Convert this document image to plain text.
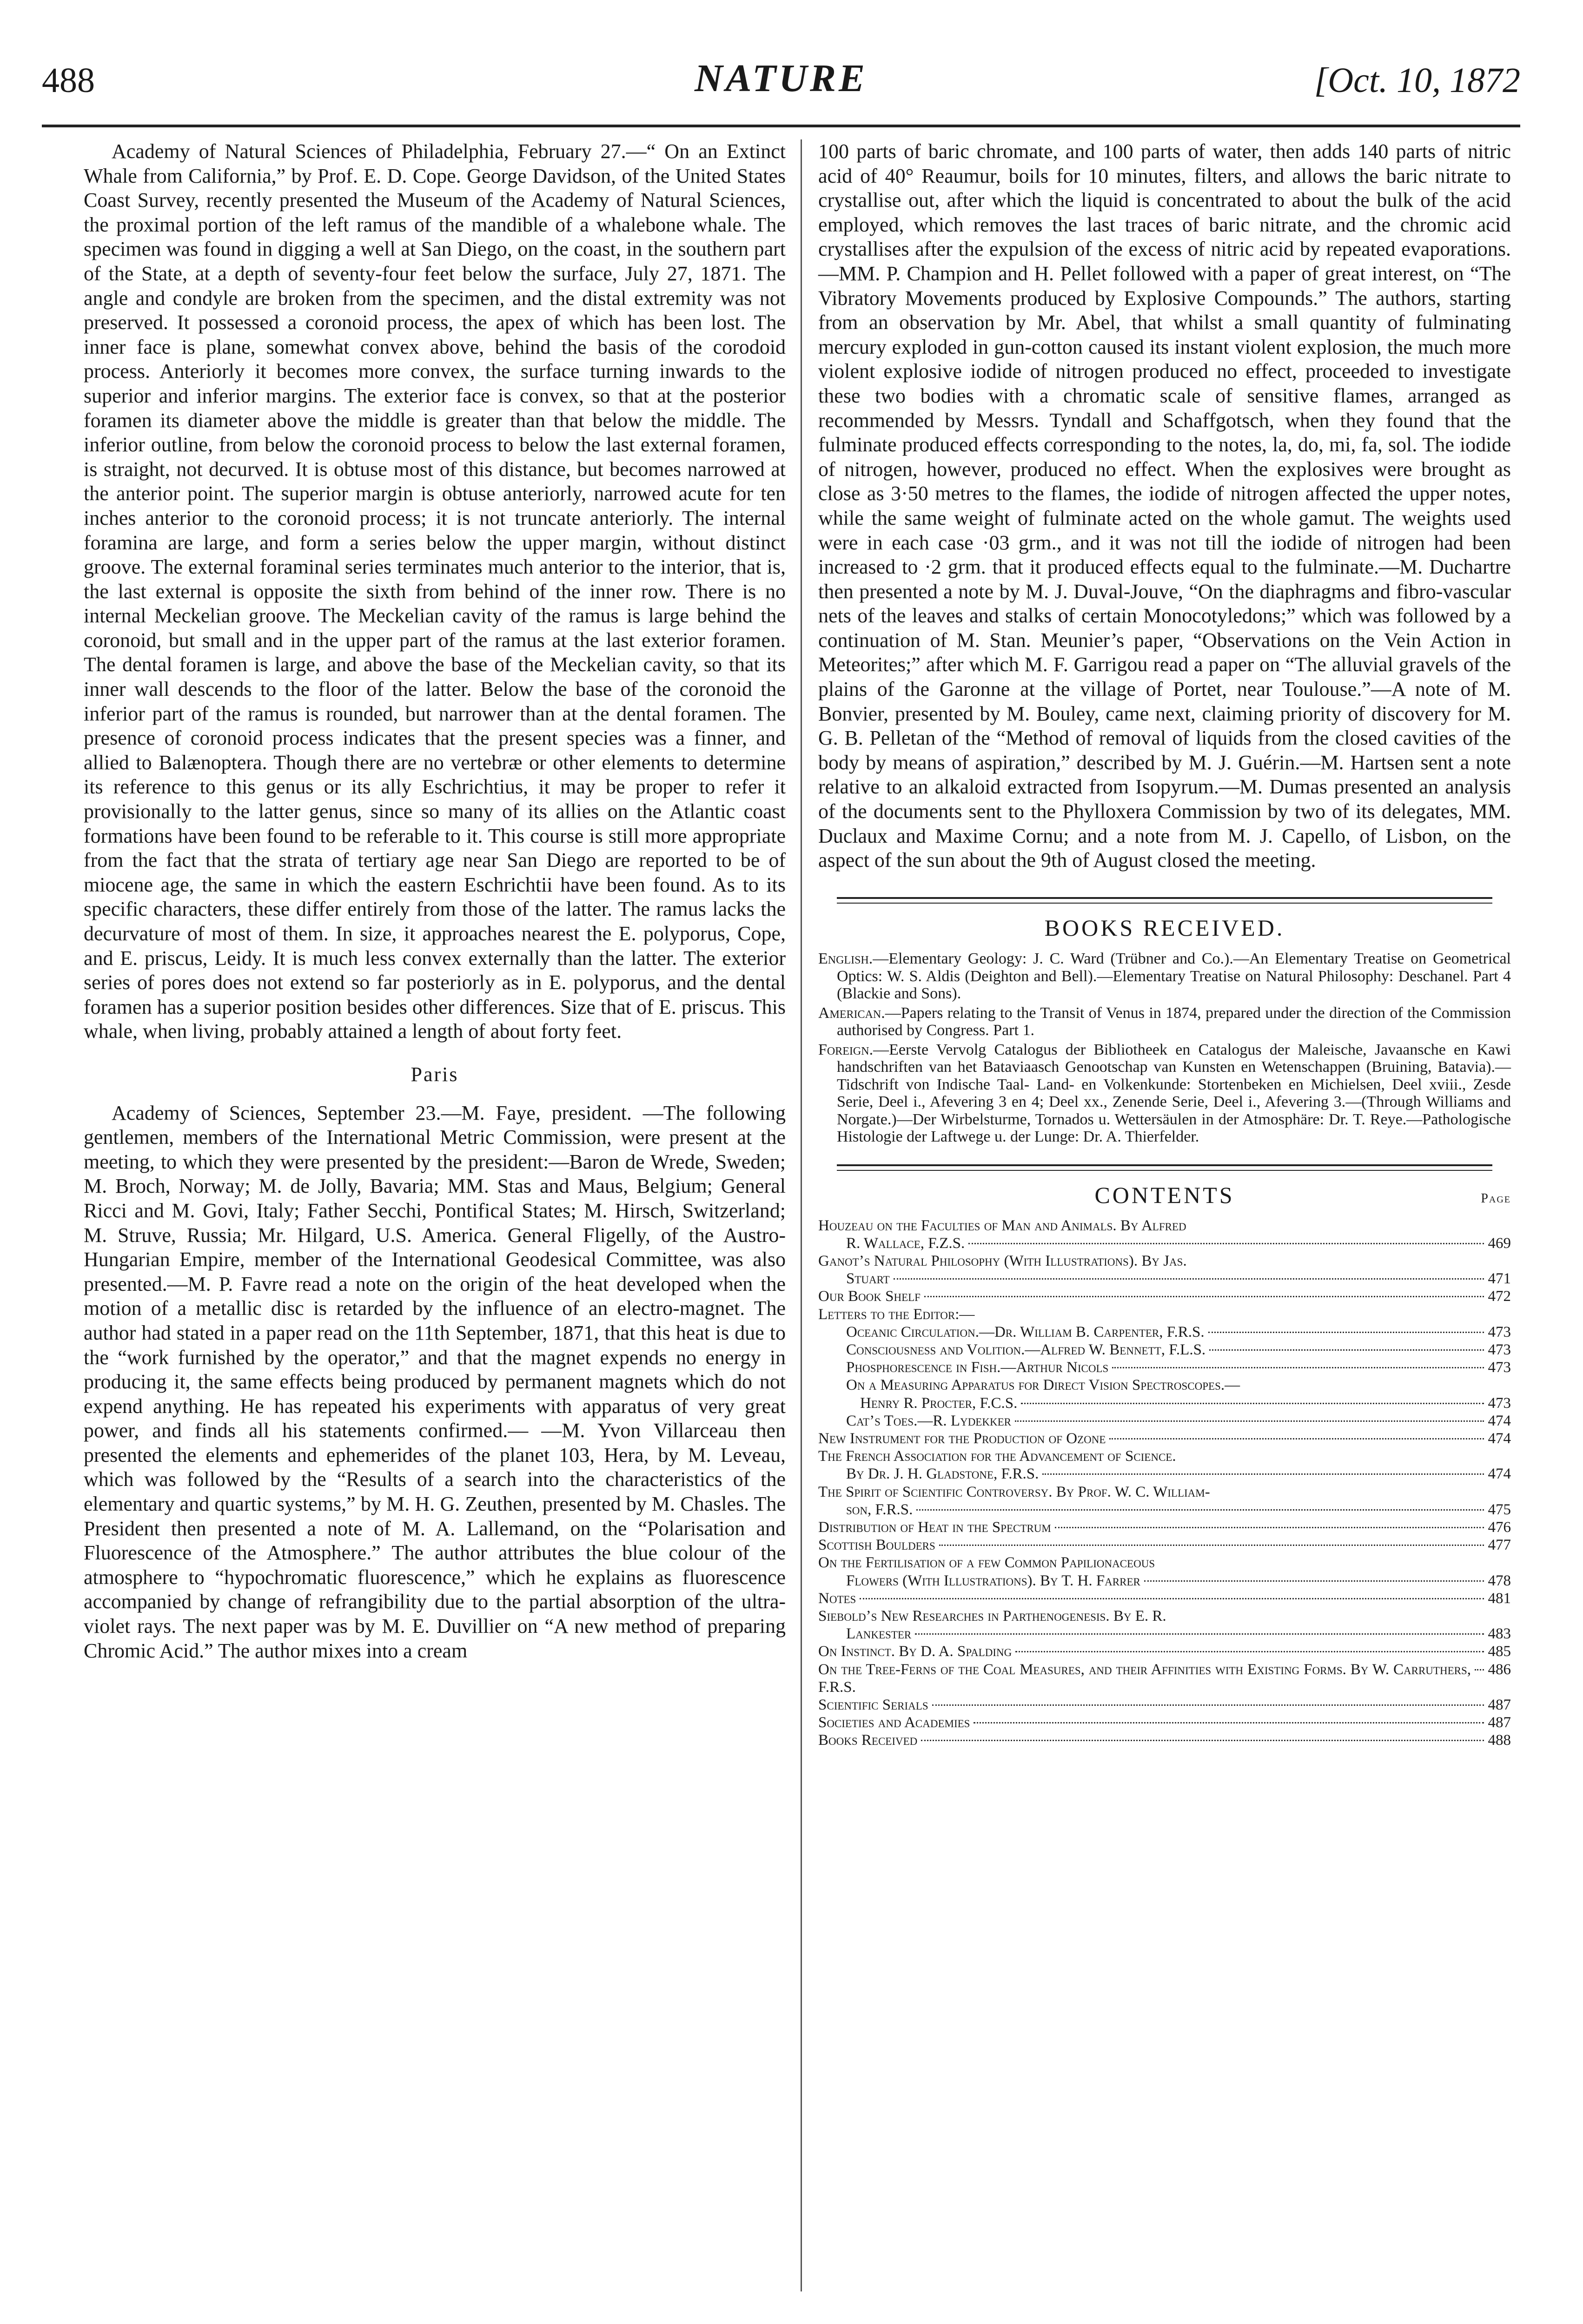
488	NATURE	[Oct. 10, 1872

Academy of Natural Sciences of Philadelphia, February 27.—“ On an Extinct Whale from California,” by Prof. E. D. Cope. George Davidson, of the United States Coast Survey, recently presented the Museum of the Academy of Natural Sciences, the proximal portion of the left ramus of the mandible of a whalebone whale. The specimen was found in digging a well at San Diego, on the coast, in the southern part of the State, at a depth of seventy-four feet below the surface, July 27, 1871. The angle and condyle are broken from the specimen, and the distal extremity was not preserved. It possessed a coronoid process, the apex of which has been lost. The inner face is plane, somewhat convex above, behind the basis of the corodoid process. Anteriorly it becomes more convex, the surface turning inwards to the superior and inferior margins. The exterior face is convex, so that at the posterior foramen its diameter above the middle is greater than that below the middle. The inferior outline, from below the coronoid process to below the last external foramen, is straight, not decurved. It is obtuse most of this distance, but becomes narrowed at the anterior point. The superior margin is obtuse anteriorly, narrowed acute for ten inches anterior to the coronoid process; it is not truncate anteriorly. The internal foramina are large, and form a series below the upper margin, without distinct groove. The external foraminal series terminates much anterior to the interior, that is, the last external is opposite the sixth from behind of the inner row. There is no internal Meckelian groove. The Meckelian cavity of the ramus is large behind the coronoid, but small and in the upper part of the ramus at the last exterior foramen. The dental foramen is large, and above the base of the Meckelian cavity, so that its inner wall descends to the floor of the latter. Below the base of the coronoid the inferior part of the ramus is rounded, but narrower than at the dental foramen. The presence of coronoid process indicates that the present species was a finner, and allied to Balænoptera. Though there are no vertebræ or other elements to determine its reference to this genus or its ally Eschrichtius, it may be proper to refer it provisionally to the latter genus, since so many of its allies on the Atlantic coast formations have been found to be referable to it. This course is still more appropriate from the fact that the strata of tertiary age near San Diego are reported to be of miocene age, the same in which the eastern Eschrichtii have been found. As to its specific characters, these differ entirely from those of the latter. The ramus lacks the decurvature of most of them. In size, it approaches nearest the E. polyporus, Cope, and E. priscus, Leidy. It is much less convex externally than the latter. The exterior series of pores does not extend so far posteriorly as in E. polyporus, and the dental foramen has a superior position besides other differences. Size that of E. priscus. This whale, when living, probably attained a length of about forty feet.

Paris

Academy of Sciences, September 23.—M. Faye, president. —The following gentlemen, members of the International Metric Commission, were present at the meeting, to which they were presented by the president:—Baron de Wrede, Sweden; M. Broch, Norway; M. de Jolly, Bavaria; MM. Stas and Maus, Belgium; General Ricci and M. Govi, Italy; Father Secchi, Pontifical States; M. Hirsch, Switzerland; M. Struve, Russia; Mr. Hilgard, U.S. America. General Fligelly, of the Austro-Hungarian Empire, member of the International Geodesical Committee, was also presented.—M. P. Favre read a note on the origin of the heat developed when the motion of a metallic disc is retarded by the influence of an electro-magnet. The author had stated in a paper read on the 11th September, 1871, that this heat is due to the “work furnished by the operator,” and that the magnet expends no energy in producing it, the same effects being produced by permanent magnets which do not expend anything. He has repeated his experiments with apparatus of very great power, and finds all his statements confirmed.— —M. Yvon Villarceau then presented the elements and ephemerides of the planet 103, Hera, by M. Leveau, which was followed by the “Results of a search into the characteristics of the elementary and quartic systems,” by M. H. G. Zeuthen, presented by M. Chasles. The President then presented a note of M. A. Lallemand, on the “Polarisation and Fluorescence of the Atmosphere.” The author attributes the blue colour of the atmosphere to “hypochromatic fluorescence,” which he explains as fluorescence accompanied by change of refrangibility due to the partial absorption of the ultra-violet rays. The next paper was by M. E. Duvillier on “A new method of preparing Chromic Acid.” The author mixes into a cream

100 parts of baric chromate, and 100 parts of water, then adds 140 parts of nitric acid of 40° Reaumur, boils for 10 minutes, filters, and allows the baric nitrate to crystallise out, after which the liquid is concentrated to about the bulk of the acid employed, which removes the last traces of baric nitrate, and the chromic acid crystallises after the expulsion of the excess of nitric acid by repeated evaporations.—MM. P. Champion and H. Pellet followed with a paper of great interest, on “The Vibratory Movements produced by Explosive Compounds.” The authors, starting from an observation by Mr. Abel, that whilst a small quantity of fulminating mercury exploded in gun-cotton caused its instant violent explosion, the much more violent explosive iodide of nitrogen produced no effect, proceeded to investigate these two bodies with a chromatic scale of sensitive flames, arranged as recommended by Messrs. Tyndall and Schaffgotsch, when they found that the fulminate produced effects corresponding to the notes, la, do, mi, fa, sol. The iodide of nitrogen, however, produced no effect. When the explosives were brought as close as 3·50 metres to the flames, the iodide of nitrogen affected the upper notes, while the same weight of fulminate acted on the whole gamut. The weights used were in each case ·03 grm., and it was not till the iodide of nitrogen had been increased to ·2 grm. that it produced effects equal to the fulminate.—M. Duchartre then presented a note by M. J. Duval-Jouve, “On the diaphragms and fibro-vascular nets of the leaves and stalks of certain Monocotyledons;” which was followed by a continuation of M. Stan. Meunier’s paper, “Observations on the Vein Action in Meteorites;” after which M. F. Garrigou read a paper on “The alluvial gravels of the plains of the Garonne at the village of Portet, near Toulouse.”—A note of M. Bonvier, presented by M. Bouley, came next, claiming priority of discovery for M. G. B. Pelletan of the “Method of removal of liquids from the closed cavities of the body by means of aspiration,” described by M. J. Guérin.—M. Hartsen sent a note relative to an alkaloid extracted from Isopyrum.—M. Dumas presented an analysis of the documents sent to the Phylloxera Commission by two of its delegates, MM. Duclaux and Maxime Cornu; and a note from M. J. Capello, of Lisbon, on the aspect of the sun about the 9th of August closed the meeting.

BOOKS RECEIVED.

English.—Elementary Geology: J. C. Ward (Trübner and Co.).—An Elementary Treatise on Geometrical Optics: W. S. Aldis (Deighton and Bell).—Elementary Treatise on Natural Philosophy: Deschanel. Part 4 (Blackie and Sons).

American.—Papers relating to the Transit of Venus in 1874, prepared under the direction of the Commission authorised by Congress. Part 1.

Foreign.—Eerste Vervolg Catalogus der Bibliotheek en Catalogus der Maleische, Javaansche en Kawi handschriften van het Bataviaasch Genootschap van Kunsten en Wetenschappen (Bruining, Batavia).—Tidschrift von Indische Taal- Land- en Volkenkunde: Stortenbeken en Michielsen, Deel xviii., Zesde Serie, Deel i., Afevering 3 en 4; Deel xx., Zenende Serie, Deel i., Afevering 3.—(Through Williams and Norgate.)—Der Wirbelsturme, Tornados u. Wettersäulen in der Atmosphäre: Dr. T. Reye.—Pathologische Histologie der Laftwege u. der Lunge: Dr. A. Thierfelder.

CONTENTS	Page
Houzeau on the Faculties of Man and Animals. By Alfred
R. Wallace, F.Z.S.	469
Ganot’s Natural Philosophy (With Illustrations). By Jas.
Stuart	471
Our Book Shelf	472
Letters to the Editor:—
Oceanic Circulation.—Dr. William B. Carpenter, F.R.S.	473
Consciousness and Volition.—Alfred W. Bennett, F.L.S.	473
Phosphorescence in Fish.—Arthur Nicols	473
On a Measuring Apparatus for Direct Vision Spectroscopes.—
Henry R. Procter, F.C.S.	473
Cat’s Toes.—R. Lydekker	474
New Instrument for the Production of Ozone	474
The French Association for the Advancement of Science.
By Dr. J. H. Gladstone, F.R.S.	474
The Spirit of Scientific Controversy. By Prof. W. C. William-
son, F.R.S.	475
Distribution of Heat in the Spectrum	476
Scottish Boulders	477
On the Fertilisation of a few Common Papilionaceous
Flowers (With Illustrations). By T. H. Farrer	478
Notes	481
Siebold’s New Researches in Parthenogenesis. By E. R.
Lankester	483
On Instinct. By D. A. Spalding	485
On the Tree-Ferns of the Coal Measures, and their Affinities with Existing Forms. By W. Carruthers, F.R.S.
486
Scientific Serials	487
Societies and Academies	487
Books Received	488
